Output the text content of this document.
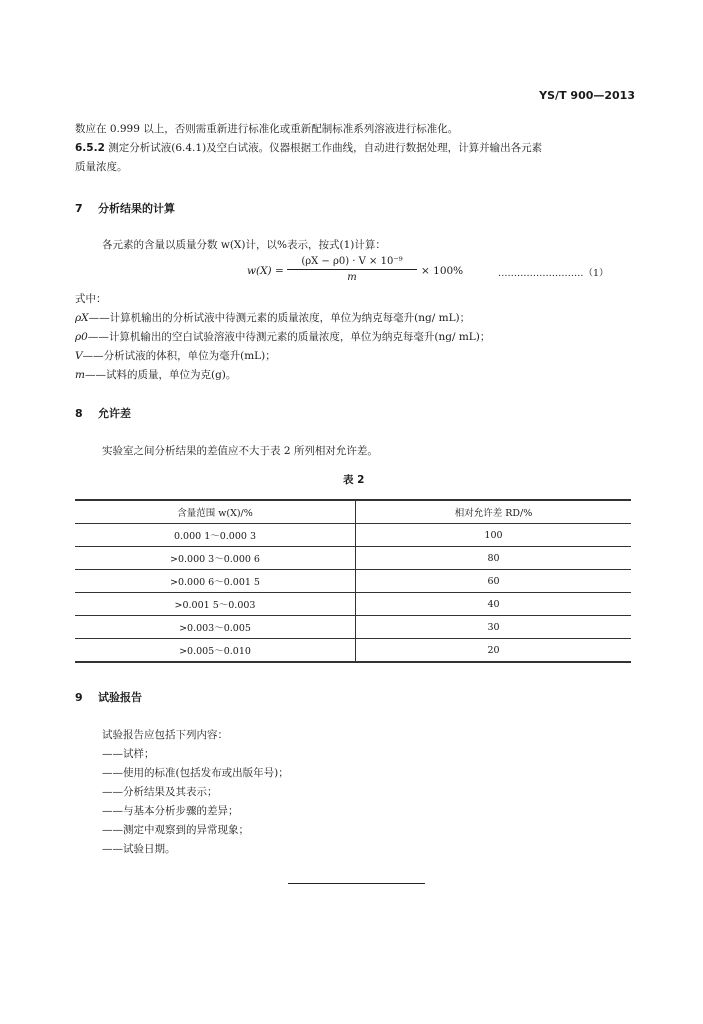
YS/T 900—2013
数应在 0.999 以上，否则需重新进行标准化或重新配制标准系列溶液进行标准化。
6.5.2 测定分析试液(6.4.1)及空白试液。仪器根据工作曲线，自动进行数据处理，计算并输出各元素
质量浓度。
7 分析结果的计算
各元素的含量以质量分数 w(X)计，以%表示，按式(1)计算：
w(X) =
(ρX − ρ0) · V × 10⁻⁹
m
× 100%	………………………（1）
式中：
ρX——计算机输出的分析试液中待测元素的质量浓度，单位为纳克每毫升(ng/ mL)；
ρ0——计算机输出的空白试验溶液中待测元素的质量浓度，单位为纳克每毫升(ng/ mL)；
V——分析试液的体积，单位为毫升(mL)；
m——试料的质量，单位为克(g)。
8 允许差
实验室之间分析结果的差值应不大于表 2 所列相对允许差。
表 2
含量范围 w(X)/%	相对允许差 RD/%
0.000 1～0.000 3	100
>0.000 3～0.000 6	80
>0.000 6～0.001 5	60
>0.001 5～0.003	40
>0.003～0.005	30
>0.005～0.010	20
9 试验报告
试验报告应包括下列内容：
——试样；
——使用的标准(包括发布或出版年号)；
——分析结果及其表示；
——与基本分析步骤的差异；
——测定中观察到的异常现象；
——试验日期。
